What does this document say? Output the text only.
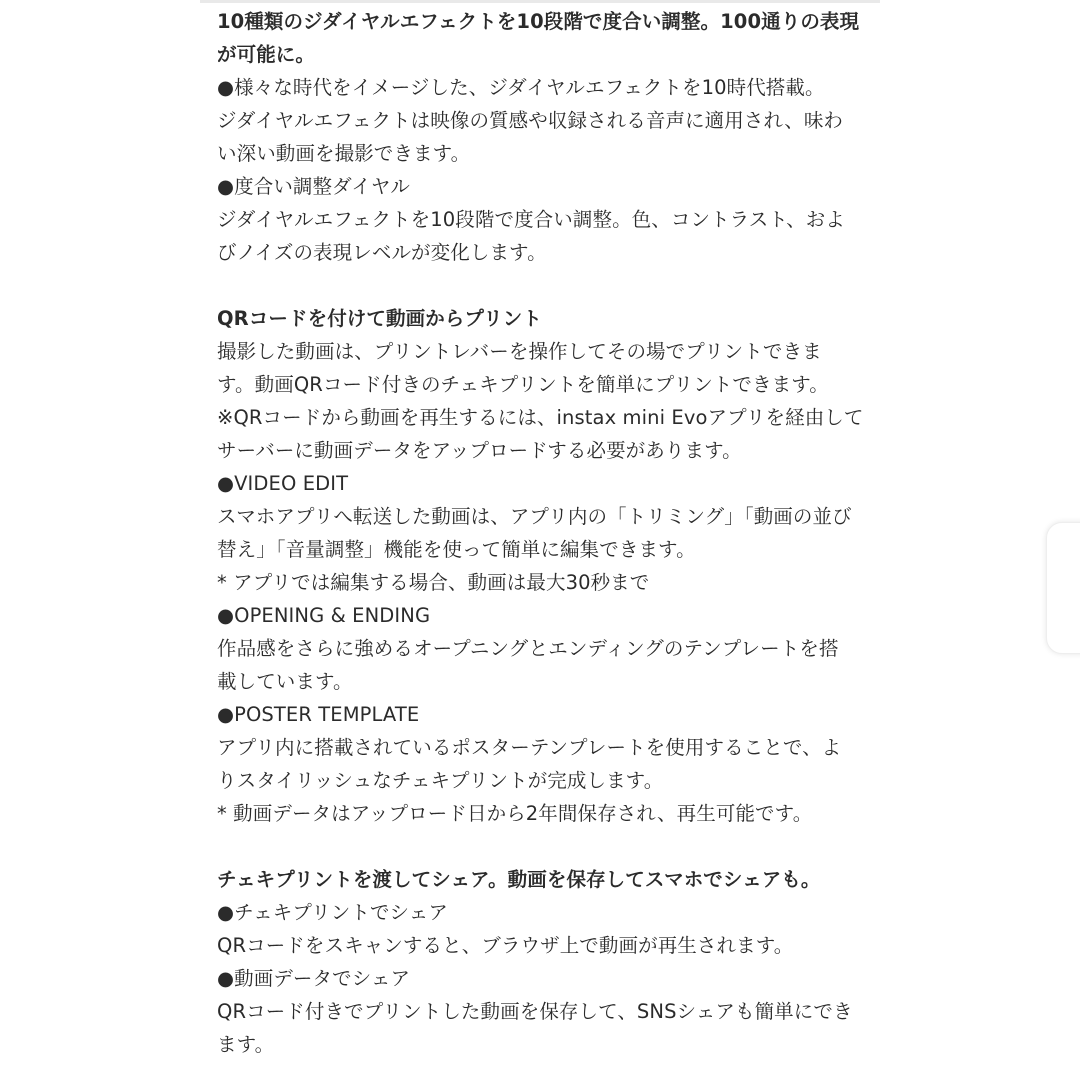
10種類のジダイヤルエフェクトを10段階で度合い調整。100通りの表現
が可能に。
●様々な時代をイメージした、ジダイヤルエフェクトを10時代搭載。
ジダイヤルエフェクトは映像の質感や収録される音声に適用され、味わ
い深い動画を撮影できます。
●度合い調整ダイヤル
ジダイヤルエフェクトを10段階で度合い調整。色、コントラスト、およ
びノイズの表現レベルが変化します。
QRコードを付けて動画からプリント
撮影した動画は、プリントレバーを操作してその場でプリントできま
す。動画QRコード付きのチェキプリントを簡単にプリントできます。
※QRコードから動画を再生するには、instax mini Evoアプリを経由して
サーバーに動画データをアップロードする必要があります。
●VIDEO EDIT
スマホアプリへ転送した動画は、アプリ内の「トリミング」「動画の並び
替え」「音量調整」機能を使って簡単に編集できます。
* アプリでは編集する場合、動画は最大30秒まで
●OPENING & ENDING
作品感をさらに強めるオープニングとエンディングのテンプレートを搭
載しています。
●POSTER TEMPLATE
アプリ内に搭載されているポスターテンプレートを使用することで、よ
りスタイリッシュなチェキプリントが完成します。
* 動画データはアップロード日から2年間保存され、再生可能です。
チェキプリントを渡してシェア。動画を保存してスマホでシェアも。
●チェキプリントでシェア
QRコードをスキャンすると、ブラウザ上で動画が再生されます。
●動画データでシェア
QRコード付きでプリントした動画を保存して、SNSシェアも簡単にでき
ます。
